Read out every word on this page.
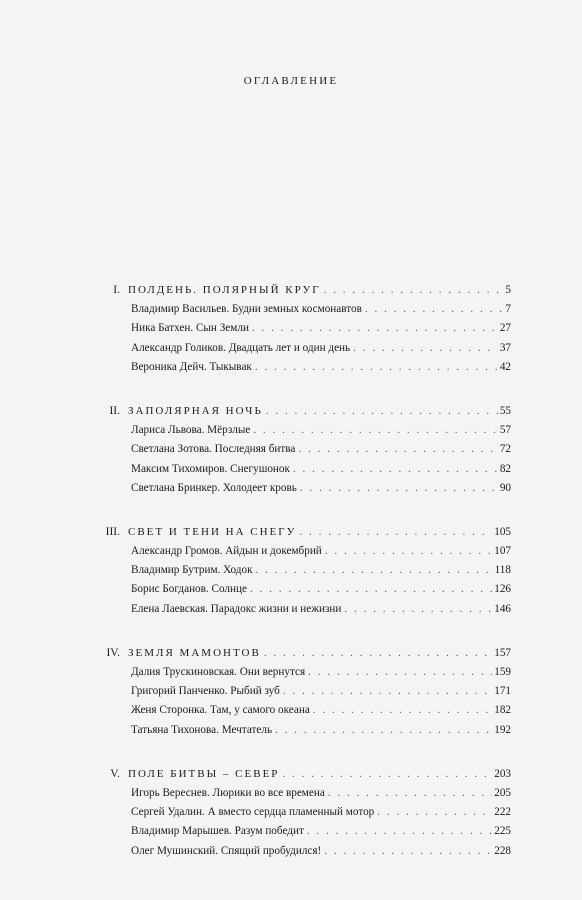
оглавление
I. ПОЛДЕНЬ. ПОЛЯРНЫЙ КРУГ . . .	5
Владимир Васильев. Будни земных космонавтов . . .	7
Ника Батхен. Сын Земли . . .	27
Александр Голиков. Двадцать лет и один день . . .	37
Вероника Дейч. Тыкывак . . .	42
II. ЗАПОЛЯРНАЯ НОЧЬ . . .	55
Лариса Львова. Мёрзлые . . .	57
Светлана Зотова. Последняя битва . . .	72
Максим Тихомиров. Снегушонок . . .	82
Светлана Бринкер. Холодеет кровь . . .	90
III. СВЕТ И ТЕНИ НА СНЕГУ . . .	105
Александр Громов. Айдын и докембрий . . .	107
Владимир Бутрим. Ходок . . .	118
Борис Богданов. Солнце . . .	126
Елена Лаевская. Парадокс жизни и нежизни . . .	146
IV. ЗЕМЛЯ МАМОНТОВ . . .	157
Далия Трускиновская. Они вернутся . . .	159
Григорий Панченко. Рыбий зуб . . .	171
Женя Сторонка. Там, у самого океана . . .	182
Татьяна Тихонова. Мечтатель . . .	192
V. ПОЛЕ БИТВЫ – СЕВЕР . . .	203
Игорь Вереснев. Люрики во все времена . . .	205
Сергей Удалин. А вместо сердца пламенный мотор . . .	222
Владимир Марышев. Разум победит . . .	225
Олег Мушинский. Спящий пробудился! . . .	228
